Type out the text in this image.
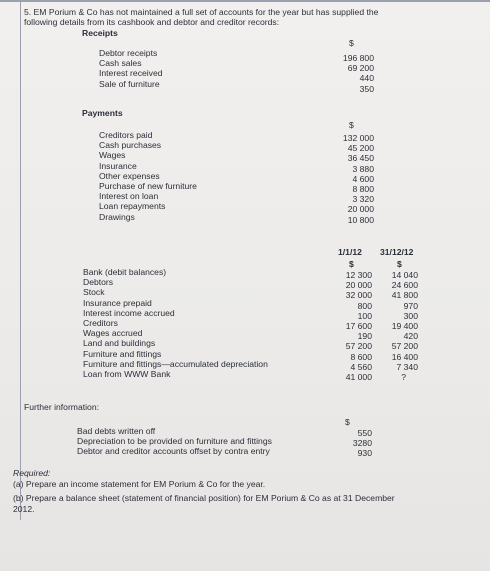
5. EM Porium & Co has not maintained a full set of accounts for the year but has supplied the
following details from its cashbook and debtor and creditor records:
Receipts
$
Debtor receipts
Cash sales
Interest received
Sale of furniture
196 800
69 200
440
350
Payments
$
Creditors paid
Cash purchases
Wages
Insurance
Other expenses
Purchase of new furniture
Interest on loan
Loan repayments
Drawings
132 000
45 200
36 450
3 880
4 600
8 800
3 320
20 000
10 800
1/1/12 31/12/12
$	$
Bank (debit balances)
Debtors
Stock
Insurance prepaid
Interest income accrued
Creditors
Wages accrued
Land and buildings
Furniture and fittings
Furniture and fittings—accumulated depreciation
Loan from WWW Bank
12 300
20 000
32 000
800
100
17 600
190
57 200
8 600
4 560
41 000
14 040
24 600
41 800
970
300
19 400
420
57 200
16 400
7 340
?
Further information:
$
Bad debts written off
Depreciation to be provided on furniture and fittings
Debtor and creditor accounts offset by contra entry
550
3280
930
Required:
(a) Prepare an income statement for EM Porium & Co for the year.
(b) Prepare a balance sheet (statement of financial position) for EM Porium & Co as at 31 December
2012.
